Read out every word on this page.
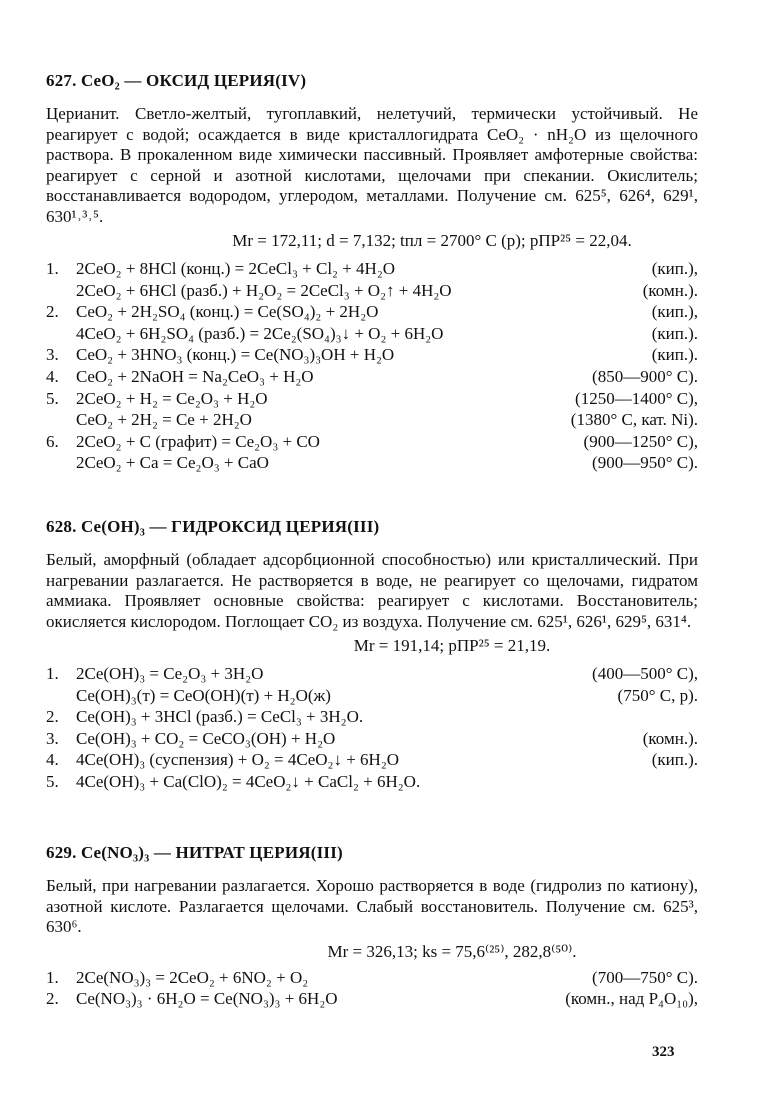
627. CeO₂ — ОКСИД ЦЕРИЯ(IV)

Церианит. Светло-желтый, тугоплавкий, нелетучий, термически устойчивый. Не реагирует с водой; осаждается в виде кристаллогидрата CeO₂ · nH₂O из щелочного раствора. В прокаленном виде химически пассивный. Проявляет амфотерные свойства: реагирует с серной и азотной кислотами, щелочами при спекании. Окислитель; восстанавливается водородом, углеродом, металлами. Получение см. 625⁵, 626⁴, 629¹, 630¹˒³˒⁵.

Mr = 172,11; d = 7,132; tпл = 2700° C (p); рПР²⁵ = 22,04.
1.	2CeO₂ + 8HCl (конц.) = 2CeCl₃ + Cl₂ + 4H₂O	(кип.),
2CeO₂ + 6HCl (разб.) + H₂O₂ = 2CeCl₃ + O₂↑ + 4H₂O	(комн.).
2.	CeO₂ + 2H₂SO₄ (конц.) = Ce(SO₄)₂ + 2H₂O	(кип.),
4CeO₂ + 6H₂SO₄ (разб.) = 2Ce₂(SO₄)₃↓ + O₂ + 6H₂O	(кип.).
3.	CeO₂ + 3HNO₃ (конц.) = Ce(NO₃)₃OH + H₂O	(кип.).
4.	CeO₂ + 2NaOH = Na₂CeO₃ + H₂O	(850—900° C).
5.	2CeO₂ + H₂ = Ce₂O₃ + H₂O	(1250—1400° C),
CeO₂ + 2H₂ = Ce + 2H₂O	(1380° C, кат. Ni).
6.	2CeO₂ + C (графит) = Ce₂O₃ + CO	(900—1250° C),
2CeO₂ + Ca = Ce₂O₃ + CaO	(900—950° C).
628. Ce(OH)₃ — ГИДРОКСИД ЦЕРИЯ(III)

Белый, аморфный (обладает адсорбционной способностью) или кристаллический. При нагревании разлагается. Не растворяется в воде, не реагирует со щелочами, гидратом аммиака. Проявляет основные свойства: реагирует с кислотами. Восстановитель; окисляется кислородом. Поглощает CO₂ из воздуха. Получение см. 625¹, 626¹, 629⁵, 631⁴.

Mr = 191,14; рПР²⁵ = 21,19.
1.	2Ce(OH)₃ = Ce₂O₃ + 3H₂O	(400—500° C),
Ce(OH)₃(т) = CeO(OH)(т) + H₂O(ж)	(750° C, p).
2.	Ce(OH)₃ + 3HCl (разб.) = CeCl₃ + 3H₂O.
3.	Ce(OH)₃ + CO₂ = CeCO₃(OH) + H₂O	(комн.).
4.	4Ce(OH)₃ (суспензия) + O₂ = 4CeO₂↓ + 6H₂O	(кип.).
5.	4Ce(OH)₃ + Ca(ClO)₂ = 4CeO₂↓ + CaCl₂ + 6H₂O.
629. Ce(NO₃)₃ — НИТРАТ ЦЕРИЯ(III)

Белый, при нагревании разлагается. Хорошо растворяется в воде (гидролиз по катиону), азотной кислоте. Разлагается щелочами. Слабый восстановитель. Получение см. 625³, 630⁶.

Mr = 326,13; ks = 75,6⁽²⁵⁾, 282,8⁽⁵⁰⁾.
1.	2Ce(NO₃)₃ = 2CeO₂ + 6NO₂ + O₂	(700—750° C).
2.	Ce(NO₃)₃ · 6H₂O = Ce(NO₃)₃ + 6H₂O	(комн., над P₄O₁₀),
323
